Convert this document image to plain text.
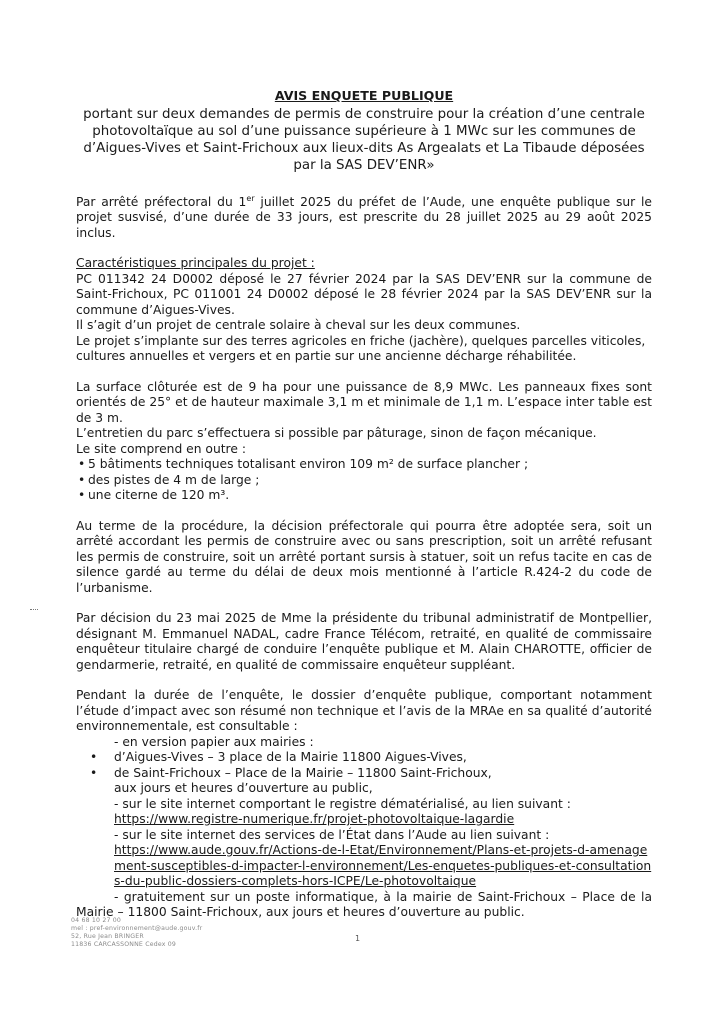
AVIS ENQUETE PUBLIQUE
portant sur deux demandes de permis de construire pour la création d’une centrale photovoltaïque au sol d’une puissance supérieure à 1 MWc sur les communes de d’Aigues-Vives et Saint-Frichoux aux lieux-dits As Argealats et La Tibaude déposées par la SAS DEV’ENR»

Par arrêté préfectoral du 1er juillet 2025 du préfet de l’Aude, une enquête publique sur le projet susvisé, d’une durée de 33 jours, est prescrite du 28 juillet 2025 au 29 août 2025 inclus.

Caractéristiques principales du projet :

PC 011342 24 D0002 déposé le 27 février 2024 par la SAS DEV’ENR sur la commune de Saint-Frichoux, PC 011001 24 D0002 déposé le 28 février 2024 par la SAS DEV’ENR sur la commune d’Aigues-Vives.

Il s’agit d’un projet de centrale solaire à cheval sur les deux communes.

Le projet s’implante sur des terres agricoles en friche (jachère), quelques parcelles viticoles, cultures annuelles et vergers et en partie sur une ancienne décharge réhabilitée.

La surface clôturée est de 9 ha pour une puissance de 8,9 MWc. Les panneaux fixes sont orientés de 25° et de hauteur maximale 3,1 m et minimale de 1,1 m. L’espace inter table est de 3 m.

L’entretien du parc s’effectuera si possible par pâturage, sinon de façon mécanique.

Le site comprend en outre :

• 5 bâtiments techniques totalisant environ 109 m² de surface plancher ;
• des pistes de 4 m de large ;
• une citerne de 120 m³.

Au terme de la procédure, la décision préfectorale qui pourra être adoptée sera, soit un arrêté accordant les permis de construire avec ou sans prescription, soit un arrêté refusant les permis de construire, soit un arrêté portant sursis à statuer, soit un refus tacite en cas de silence gardé au terme du délai de deux mois mentionné à l’article R.424-2 du code de l’urbanisme.

Par décision du 23 mai 2025 de Mme la présidente du tribunal administratif de Montpellier, désignant M. Emmanuel NADAL, cadre France Télécom, retraité, en qualité de commissaire enquêteur titulaire chargé de conduire l’enquête publique et M. Alain CHAROTTE, officier de gendarmerie, retraité, en qualité de commissaire enquêteur suppléant.

Pendant la durée de l’enquête, le dossier d’enquête publique, comportant notamment l’étude d’impact avec son résumé non technique et l’avis de la MRAe en sa qualité d’autorité environnementale, est consultable :

- en version papier aux mairies :

• d’Aigues-Vives – 3 place de la Mairie 11800 Aigues-Vives,
• de Saint-Frichoux – Place de la Mairie – 11800 Saint-Frichoux,

aux jours et heures d’ouverture au public,

- sur le site internet comportant le registre dématérialisé, au lien suivant :

https://www.registre-numerique.fr/projet-photovoltaique-lagardie

- sur le site internet des services de l’État dans l’Aude au lien suivant :

https://www.aude.gouv.fr/Actions-de-l-Etat/Environnement/Plans-et-projets-d-amenagement-susceptibles-d-impacter-l-environnement/Les-enquetes-publiques-et-consultations-du-public-dossiers-complets-hors-ICPE/Le-photovoltaique

- gratuitement sur un poste informatique, à la mairie de Saint-Frichoux – Place de la Mairie – 11800 Saint-Frichoux, aux jours et heures d’ouverture au public.

04 68 10 27 00
mel : pref-environnement@aude.gouv.fr
52, Rue Jean BRINGER
11836 CARCASSONNE Cedex 09
1
